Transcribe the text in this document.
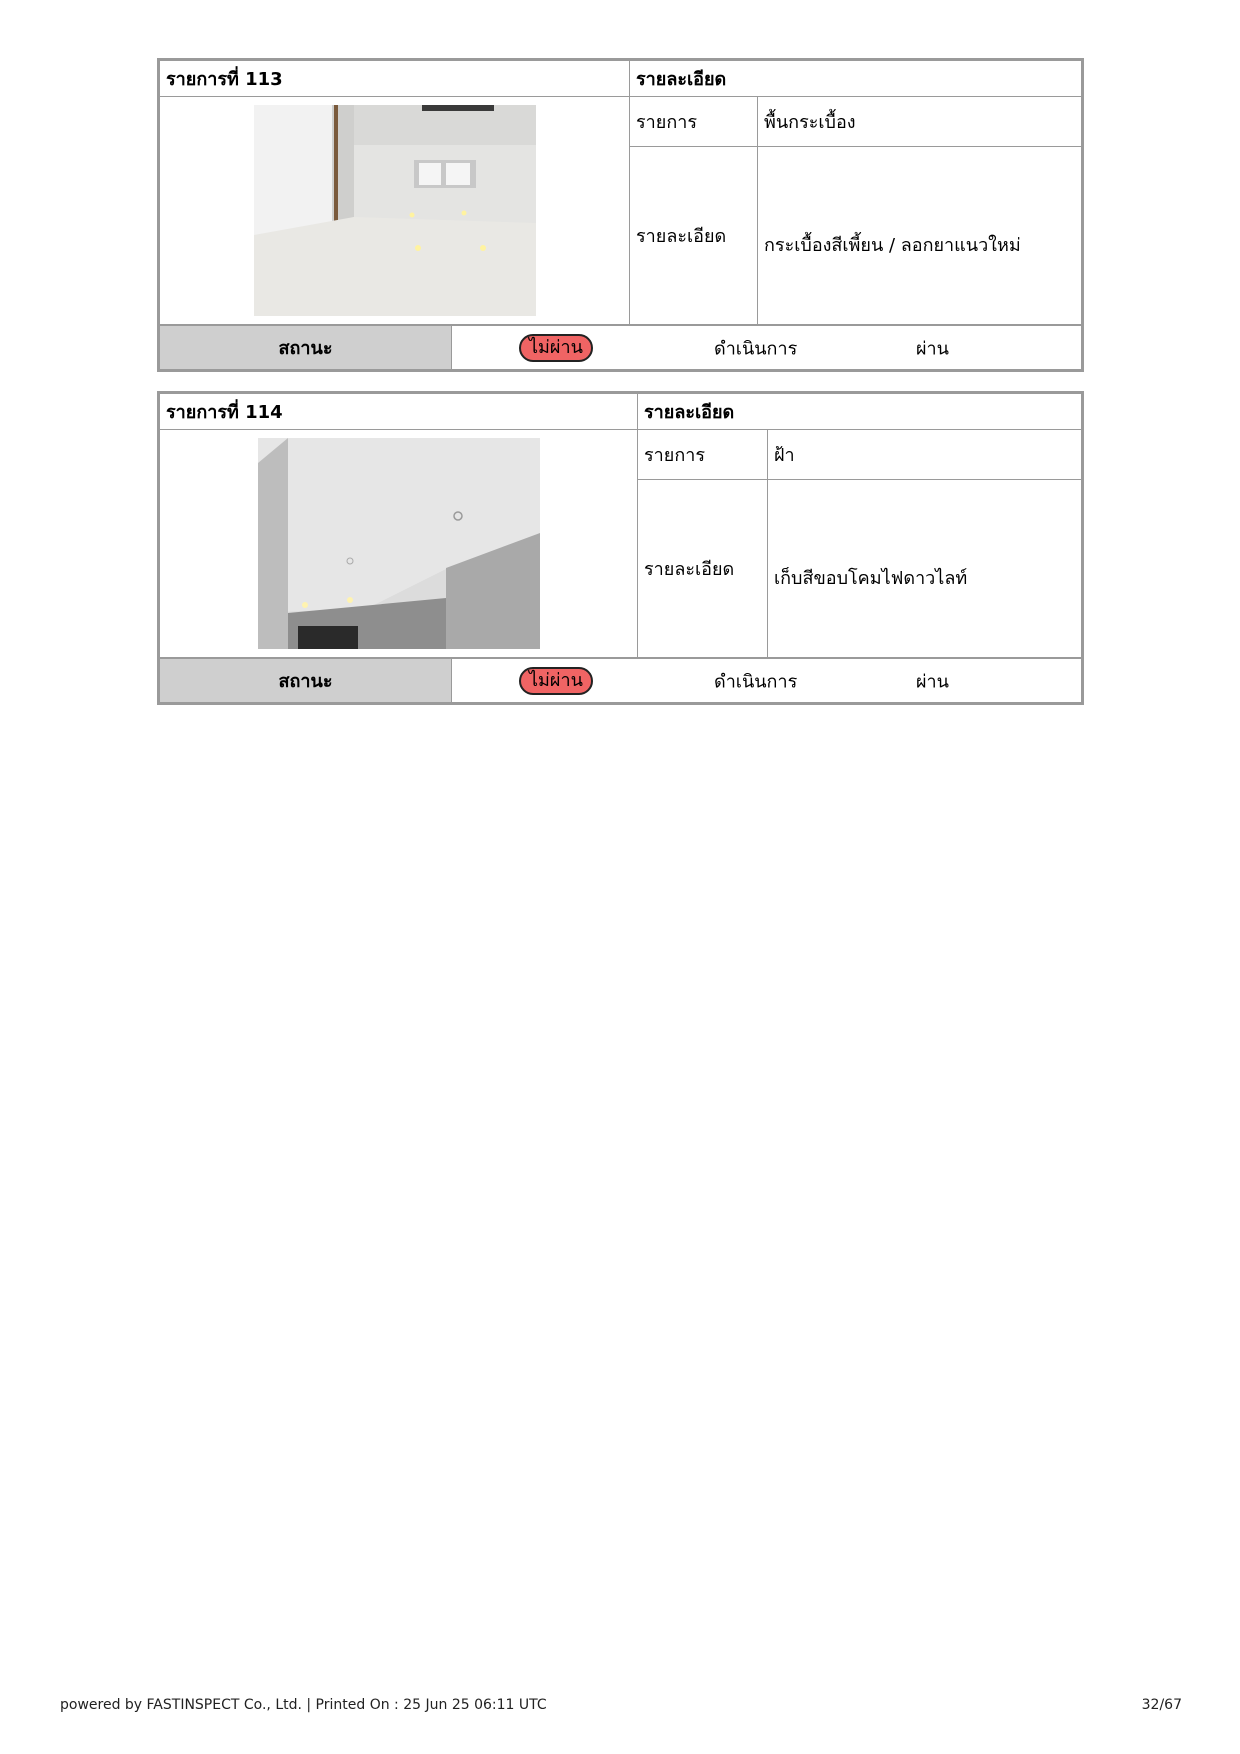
รายการที่ 113	รายละเอียด	

	รายการ	พื้นกระเบื้อง
	รายละเอียด	กระเบื้องสีเพี้ยน / ลอกยาแนวใหม่
สถานะ	ไม่ผ่าน	ดำเนินการ	ผ่าน
รายการที่ 114	รายละเอียด	

	รายการ	ฝ้า
	รายละเอียด	เก็บสีขอบโคมไฟดาวไลท์
สถานะ	ไม่ผ่าน	ดำเนินการ	ผ่าน
powered by FASTINSPECT Co., Ltd. | Printed On : 25 Jun 25 06:11 UTC	32/67
